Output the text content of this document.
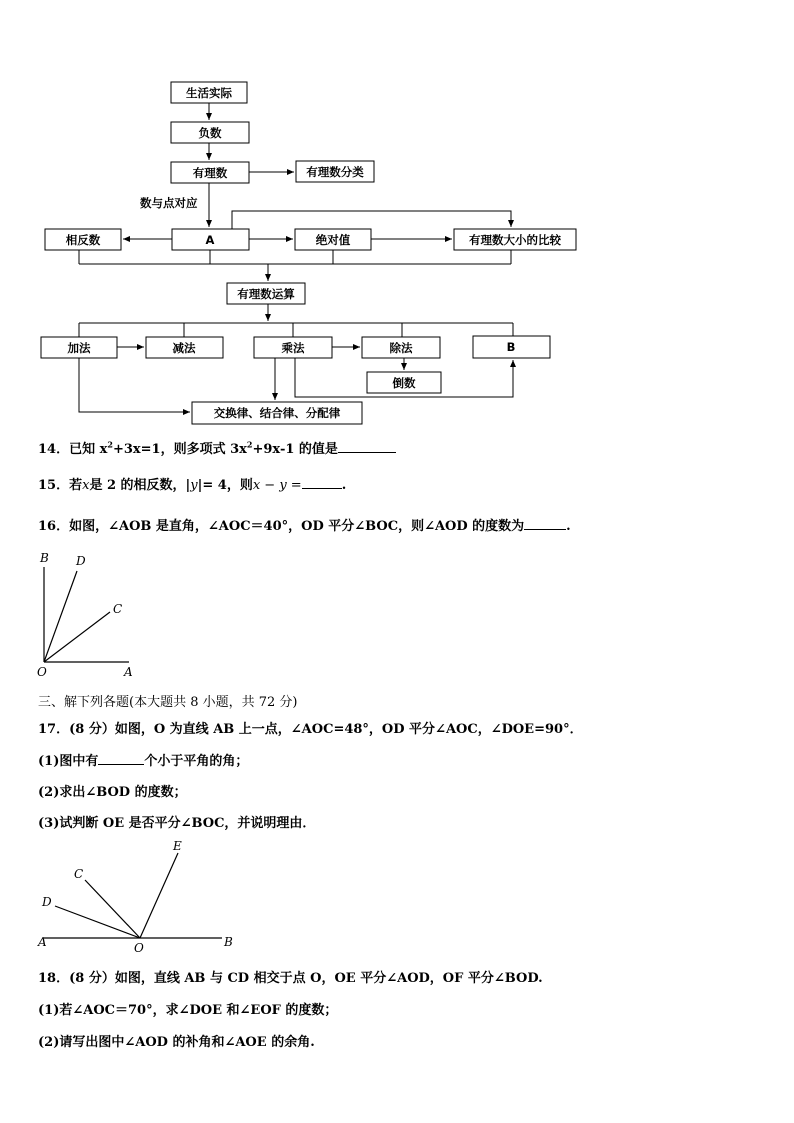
生活实际
负数
有理数	有理数分类
数与点对应
相反数	A	绝对值	有理数大小的比较
有理数运算
加法	减法	乘法	除法	B
倒数
交换律、结合律、分配律
14．已知 $x^2+3x=1$，则多项式 $3x^2+9x-1$ 的值是
15．若x是 2 的相反数，|y|= 4，则x − y =	.
16．如图，∠AOB 是直角，∠AOC＝40°，OD 平分∠BOC，则∠AOD 的度数为	.
B D
C
O	A
三、解下列各题(本大题共 8 小题，共 72 分)
17．(8 分）如图，O 为直线 AB 上一点，∠AOC=48°，OD 平分∠AOC，∠DOE=90°．
(1)图中有	个小于平角的角；
(2)求出∠BOD 的度数；
(3)试判断 OE 是否平分∠BOC，并说明理由．
E
C
D
A	O	B
18．(8 分）如图，直线 AB 与 CD 相交于点 O，OE 平分∠AOD，OF 平分∠BOD.
(1)若∠AOC＝70°，求∠DOE 和∠EOF 的度数；
(2)请写出图中∠AOD 的补角和∠AOE 的余角.
